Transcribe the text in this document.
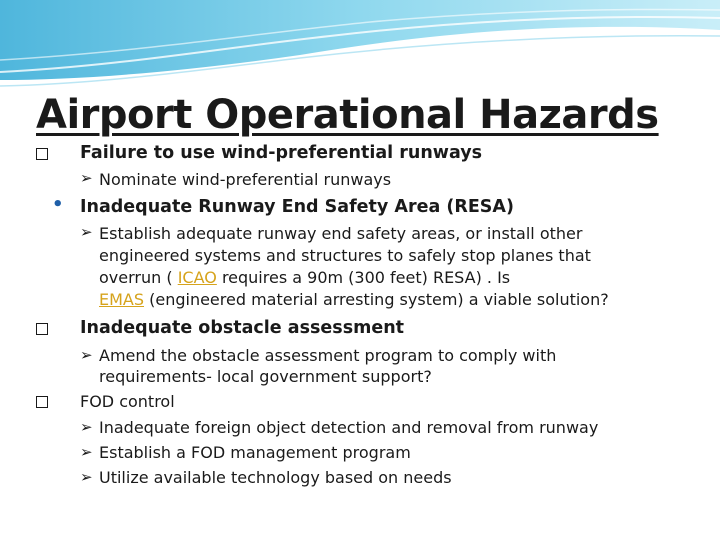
Airport Operational Hazards
Failure to use wind-preferential runways
➢ Nominate wind-preferential runways
• Inadequate Runway End Safety Area (RESA)
➢ Establish adequate runway end safety areas, or install other
engineered systems and structures to safely stop planes that
overrun ( ICAO requires a 90m (300 feet) RESA) . Is
EMAS (engineered material arresting system) a viable solution?
Inadequate obstacle assessment
➢ Amend the obstacle assessment program to comply with
requirements- local government support?
FOD control
➢ Inadequate foreign object detection and removal from runway
➢ Establish a FOD management program
➢ Utilize available technology based on needs
